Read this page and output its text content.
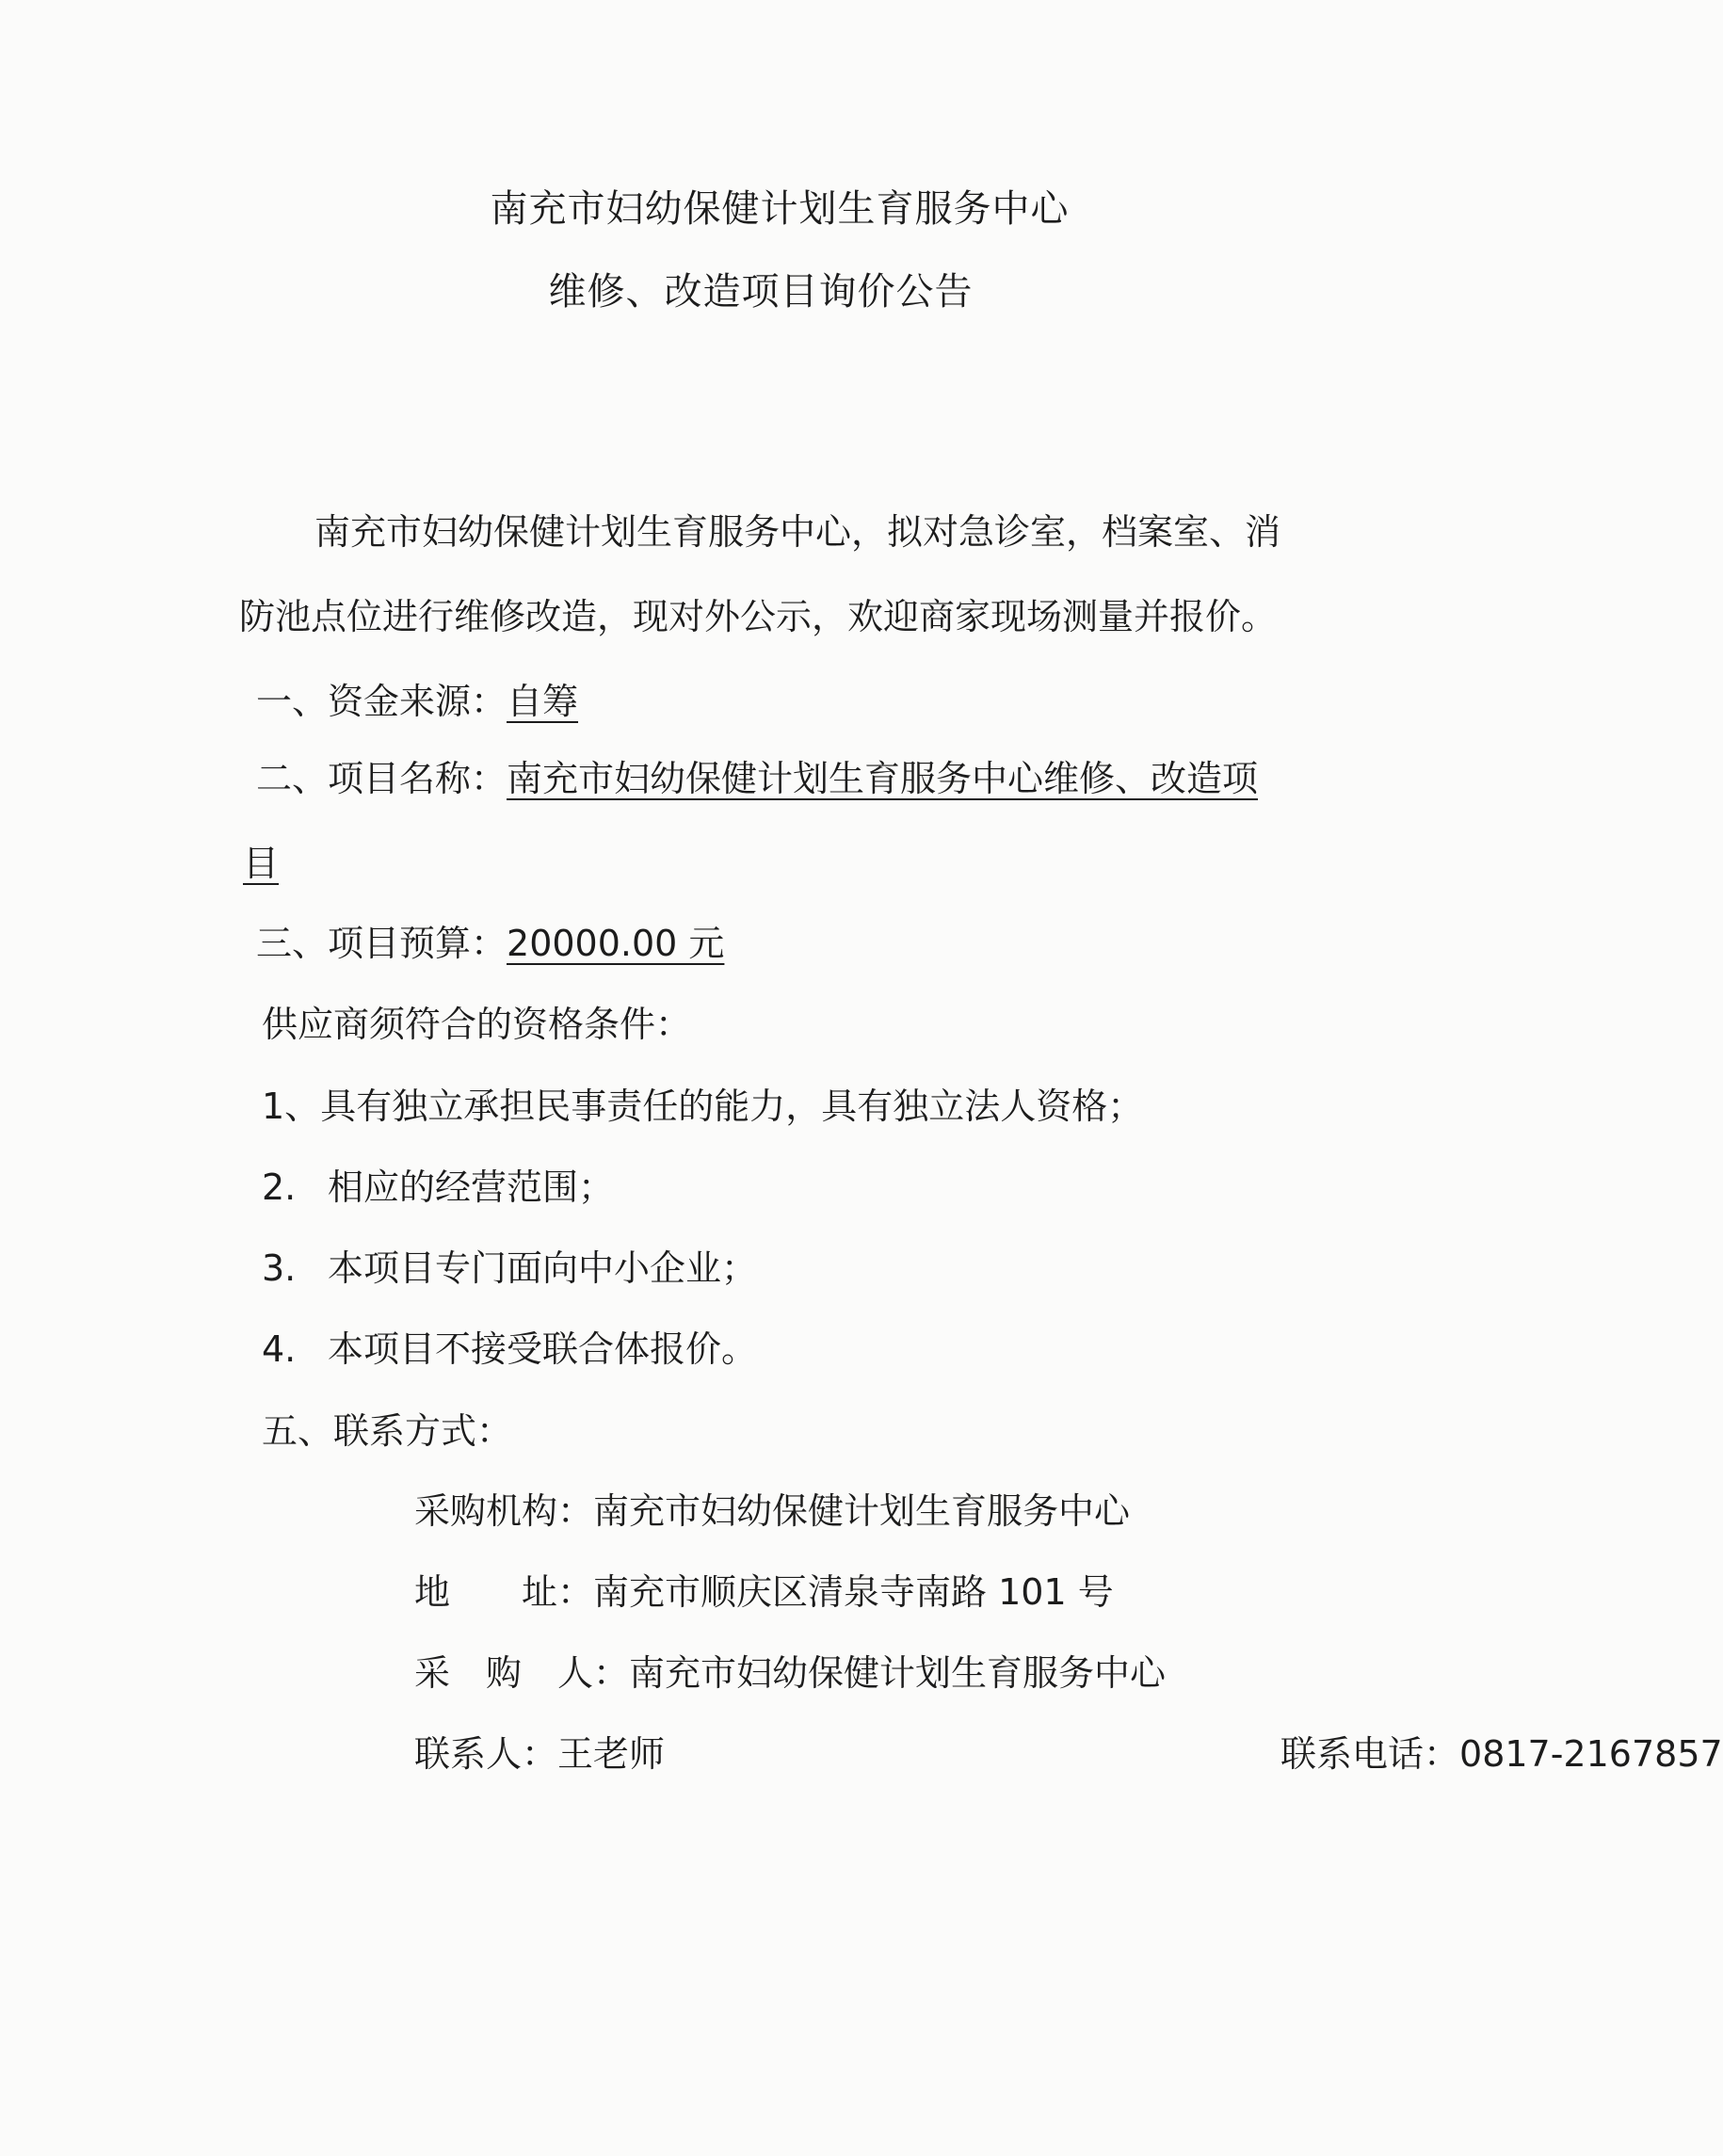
南充市妇幼保健计划生育服务中心
维修、改造项目询价公告
南充市妇幼保健计划生育服务中心，拟对急诊室，档案室、消
防池点位进行维修改造，现对外公示，欢迎商家现场测量并报价。
一、资金来源：自筹
二、项目名称：南充市妇幼保健计划生育服务中心维修、改造项
目
三、项目预算：20000.00 元
供应商须符合的资格条件：
1、具有独立承担民事责任的能力，具有独立法人资格；
2. 相应的经营范围；
3. 本项目专门面向中小企业；
4. 本项目不接受联合体报价。
五、联系方式：
采购机构：南充市妇幼保健计划生育服务中心
地　　址：南充市顺庆区清泉寺南路 101 号
采　购　人：南充市妇幼保健计划生育服务中心
联系人：王老师	联系电话：0817-2167857
